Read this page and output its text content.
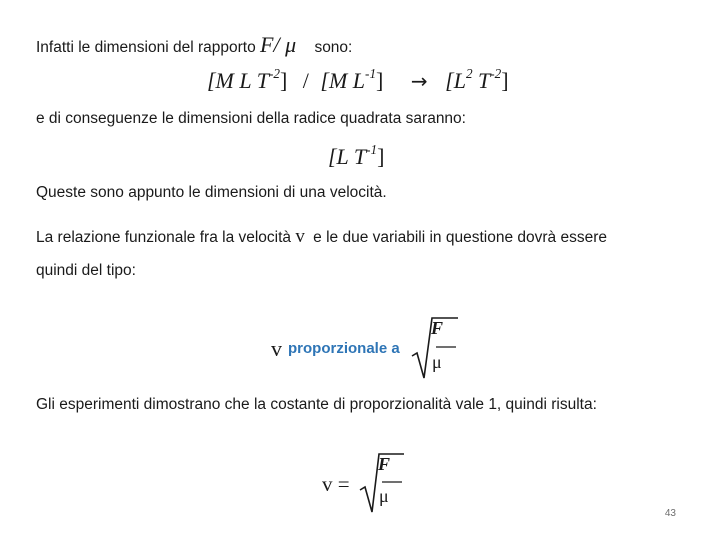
Infatti le dimensioni del rapporto F/ μ sono:
[M L $T^{-2}] / [M$ $L^{-1}] \to [L^2$ $T^{-2}$]
e di conseguenze le dimensioni della radice quadrata saranno:
[L $T^{-1}$]
Queste sono appunto le dimensioni di una velocità.
La relazione funzionale fra la velocità v e le due variabili in questione dovrà essere
quindi del tipo:
v proporzionale a
F
μ
Gli esperimenti dimostrano che la costante di proporzionalità vale 1, quindi risulta:
v =
F
μ
43
